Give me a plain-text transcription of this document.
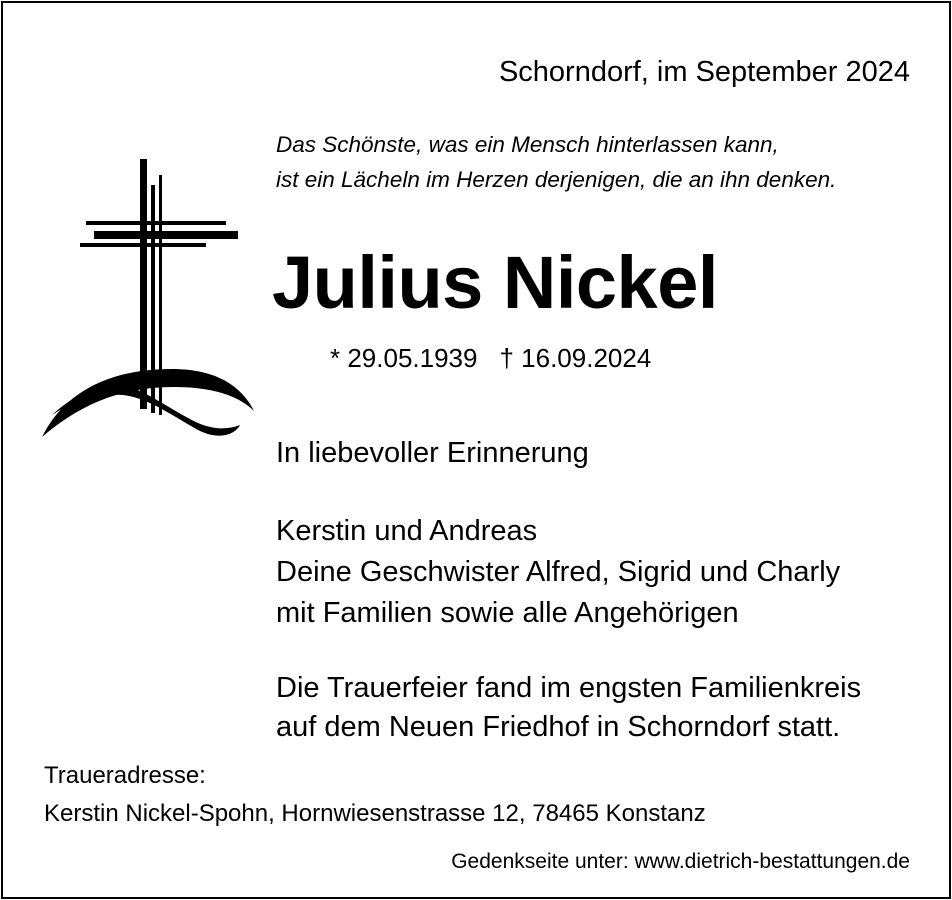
Schorndorf, im September 2024
Das Schönste, was ein Mensch hinterlassen kann,
ist ein Lächeln im Herzen derjenigen, die an ihn denken.
Julius Nickel
* 29.05.1939 † 16.09.2024
In liebevoller Erinnerung
Kerstin und Andreas
Deine Geschwister Alfred, Sigrid und Charly
mit Familien sowie alle Angehörigen
Die Trauerfeier fand im engsten Familienkreis
auf dem Neuen Friedhof in Schorndorf statt.
Traueradresse:
Kerstin Nickel-Spohn, Hornwiesenstrasse 12, 78465 Konstanz
Gedenkseite unter: www.dietrich-bestattungen.de
